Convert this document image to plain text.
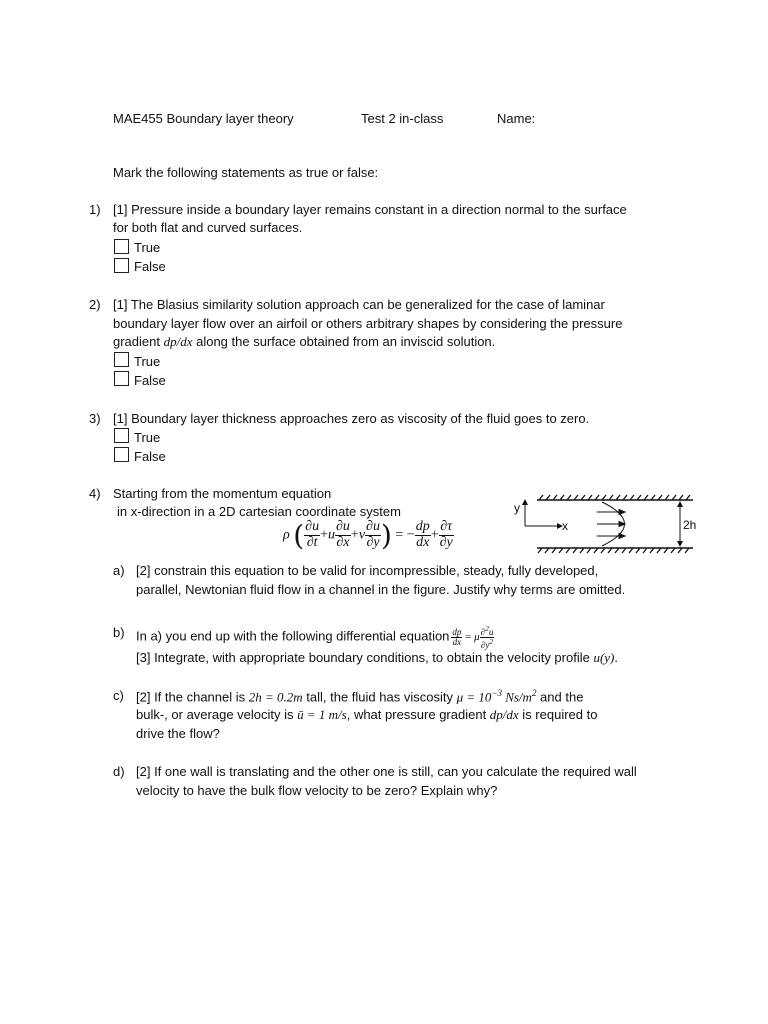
MAE455 Boundary layer theory	Test 2 in-class	Name:
Mark the following statements as true or false:
1) [1] Pressure inside a boundary layer remains constant in a direction normal to the surface
for both flat and curved surfaces.
True
False
2) [1] The Blasius similarity solution approach can be generalized for the case of laminar
boundary layer flow over an airfoil or others arbitrary shapes by considering the pressure
gradient dp/dx along the surface obtained from an inviscid solution.
True
False
3) [1] Boundary layer thickness approaches zero as viscosity of the fluid goes to zero.
True
False
4) Starting from the momentum equation
in x-direction in a 2D cartesian coordinate system
ρ ( $\frac{\partial u}{\partial t} +u \frac{\partial u}{\partial x} +v \frac{\partial u}{\partial y}$ ) = − $\frac{dp}{dx} + \frac{\partial\tau}{\partial y}$
y
x	2h
a) [2] constrain this equation to be valid for incompressible, steady, fully developed,
parallel, Newtonian fluid flow in a channel in the figure. Justify why terms are omitted.
b) In a) you end up with the following differential equation $\frac{dp}{dx} = \mu \frac{\partial^2u}{\partial y^2}$
[3] Integrate, with appropriate boundary conditions, to obtain the velocity profile u(y).
c) [2] If the channel is 2h = 0.2m tall, the fluid has viscosity $\mu = 10^{-3}$ $Ns/m^2$ and the
bulk-, or average velocity is ū = 1 m/s, what pressure gradient dp/dx is required to
drive the flow?
d) [2] If one wall is translating and the other one is still, can you calculate the required wall
velocity to have the bulk flow velocity to be zero? Explain why?
